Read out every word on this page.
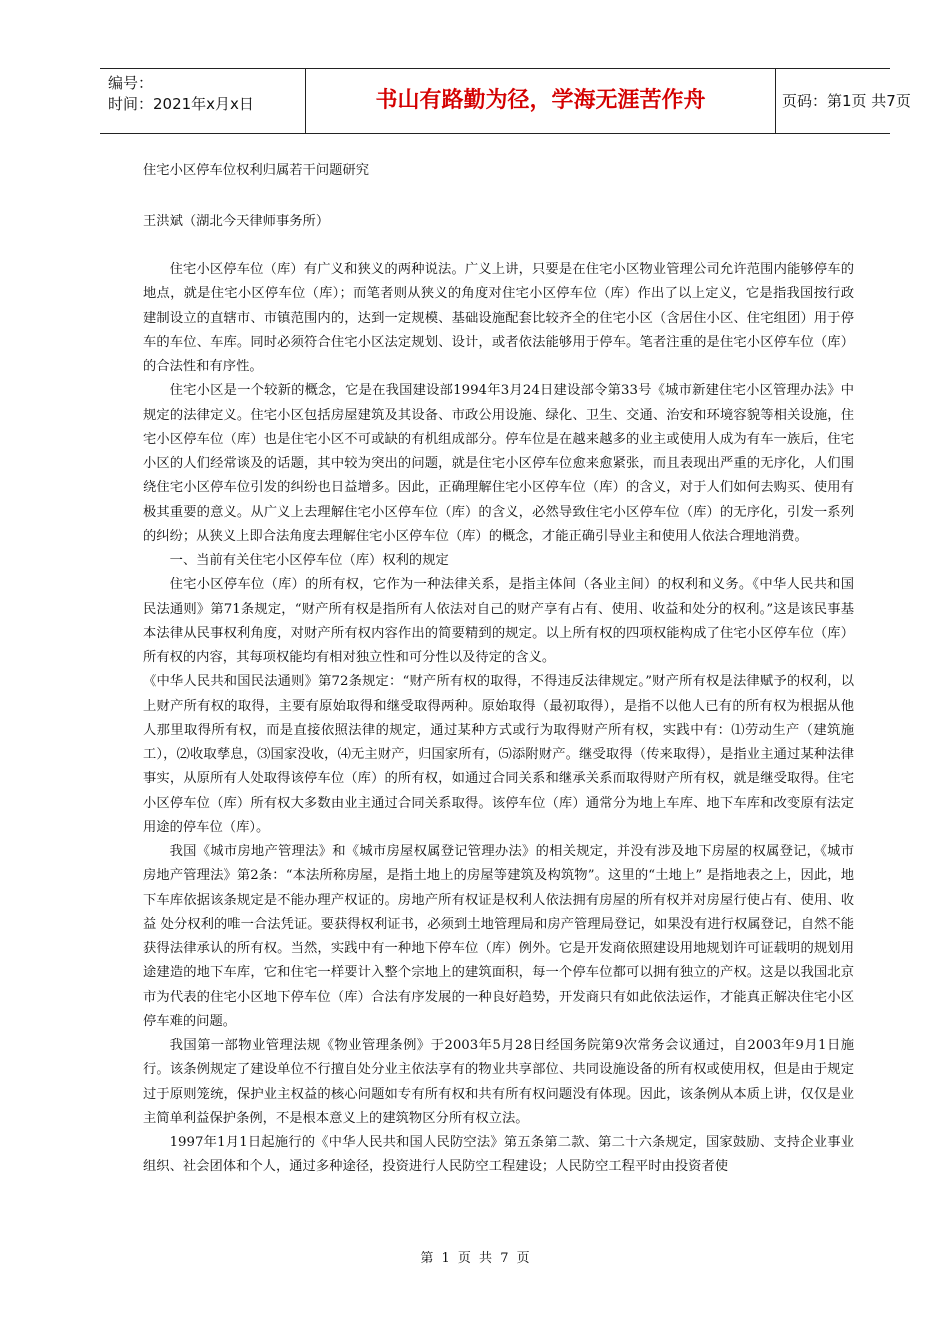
编号：
时间：2021年x月x日	书山有路勤为径，学海无涯苦作舟	页码：第1页 共7页
住宅小区停车位权利归属若干问题研究
王洪斌（湖北今天律师事务所）

住宅小区停车位（库）有广义和狭义的两种说法。广义上讲，只要是在住宅小区物业管理公司允许范围内能够停车的地点，就是住宅小区停车位（库）；而笔者则从狭义的角度对住宅小区停车位（库）作出了以上定义，它是指我国按行政建制设立的直辖市、市镇范围内的，达到一定规模、基础设施配套比较齐全的住宅小区（含居住小区、住宅组团）用于停车的车位、车库。同时必须符合住宅小区法定规划、设计，或者依法能够用于停车。笔者注重的是住宅小区停车位（库）的合法性和有序性。

住宅小区是一个较新的概念，它是在我国建设部1994年3月24日建设部令第33号《城市新建住宅小区管理办法》中规定的法律定义。住宅小区包括房屋建筑及其设备、市政公用设施、绿化、卫生、交通、治安和环境容貌等相关设施，住宅小区停车位（库）也是住宅小区不可或缺的有机组成部分。停车位是在越来越多的业主或使用人成为有车一族后，住宅小区的人们经常谈及的话题，其中较为突出的问题，就是住宅小区停车位愈来愈紧张，而且表现出严重的无序化，人们围绕住宅小区停车位引发的纠纷也日益增多。因此，正确理解住宅小区停车位（库）的含义，对于人们如何去购买、使用有极其重要的意义。从广义上去理解住宅小区停车位（库）的含义，必然导致住宅小区停车位（库）的无序化，引发一系列的纠纷；从狭义上即合法角度去理解住宅小区停车位（库）的概念，才能正确引导业主和使用人依法合理地消费。

一、当前有关住宅小区停车位（库）权利的规定

住宅小区停车位（库）的所有权，它作为一种法律关系，是指主体间（各业主间）的权利和义务。《中华人民共和国民法通则》第71条规定，“财产所有权是指所有人依法对自己的财产享有占有、使用、收益和处分的权利。”这是该民事基本法律从民事权利角度，对财产所有权内容作出的简要精到的规定。以上所有权的四项权能构成了住宅小区停车位（库）所有权的内容，其每项权能均有相对独立性和可分性以及待定的含义。

《中华人民共和国民法通则》第72条规定：“财产所有权的取得，不得违反法律规定。”财产所有权是法律赋予的权利，以上财产所有权的取得，主要有原始取得和继受取得两种。原始取得（最初取得），是指不以他人已有的所有权为根据从他人那里取得所有权，而是直接依照法律的规定，通过某种方式或行为取得财产所有权，实践中有：⑴劳动生产（建筑施工），⑵收取孳息，⑶国家没收，⑷无主财产，归国家所有，⑸添附财产。继受取得（传来取得），是指业主通过某种法律事实，从原所有人处取得该停车位（库）的所有权，如通过合同关系和继承关系而取得财产所有权，就是继受取得。住宅小区停车位（库）所有权大多数由业主通过合同关系取得。该停车位（库）通常分为地上车库、地下车库和改变原有法定用途的停车位（库）。

我国《城市房地产管理法》和《城市房屋权属登记管理办法》的相关规定，并没有涉及地下房屋的权属登记，《城市房地产管理法》第2条：“本法所称房屋，是指土地上的房屋等建筑及构筑物”。这里的“土地上” 是指地表之上，因此，地下车库依据该条规定是不能办理产权证的。房地产所有权证是权利人依法拥有房屋的所有权并对房屋行使占有、使用、收益 处分权利的唯一合法凭证。要获得权利证书，必须到土地管理局和房产管理局登记，如果没有进行权属登记，自然不能获得法律承认的所有权。当然，实践中有一种地下停车位（库）例外。它是开发商依照建设用地规划许可证载明的规划用途建造的地下车库，它和住宅一样要计入整个宗地上的建筑面积，每一个停车位都可以拥有独立的产权。这是以我国北京市为代表的住宅小区地下停车位（库）合法有序发展的一种良好趋势，开发商只有如此依法运作，才能真正解决住宅小区停车难的问题。

我国第一部物业管理法规《物业管理条例》于2003年5月28日经国务院第9次常务会议通过，自2003年9月1日施行。该条例规定了建设单位不行擅自处分业主依法享有的物业共享部位、共同设施设备的所有权或使用权，但是由于规定过于原则笼统，保护业主权益的核心问题如专有所有权和共有所有权问题没有体现。因此，该条例从本质上讲，仅仅是业主简单利益保护条例，不是根本意义上的建筑物区分所有权立法。

1997年1月1日起施行的《中华人民共和国人民防空法》第五条第二款、第二十六条规定，国家鼓励、支持企业事业组织、社会团体和个人，通过多种途径，投资进行人民防空工程建设；人民防空工程平时由投资者使

第 1 页 共 7 页
